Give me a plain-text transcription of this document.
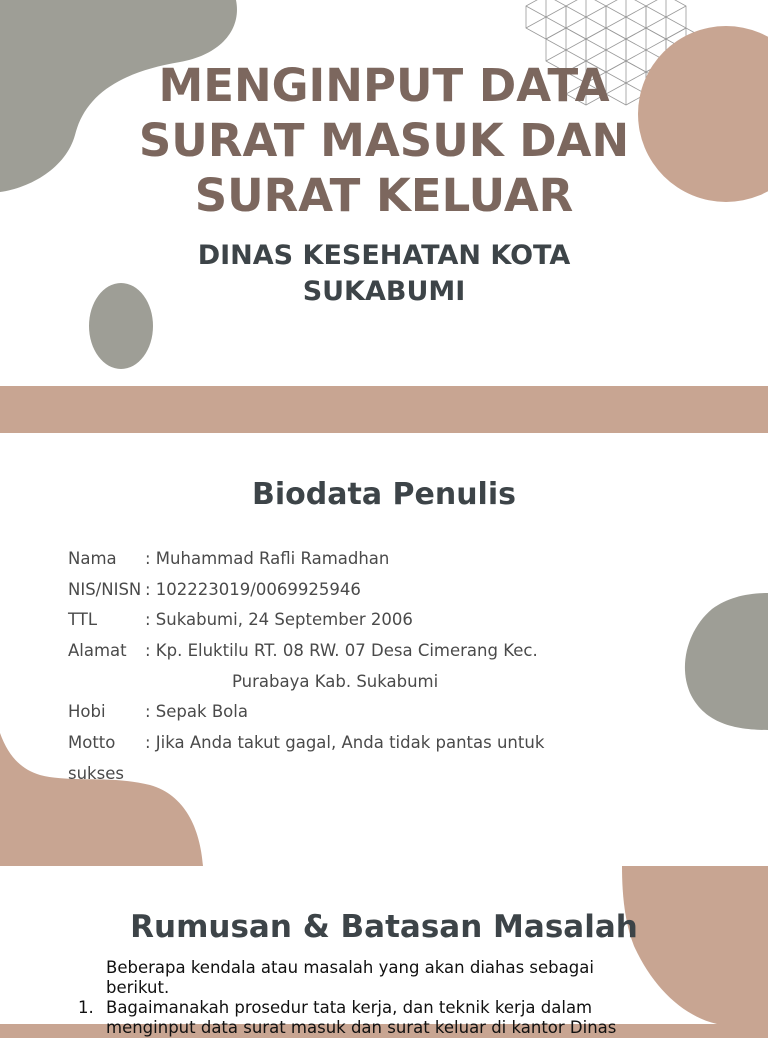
MENGINPUT DATA
SURAT MASUK DAN
SURAT KELUAR
DINAS KESEHATAN KOTA
SUKABUMI
Biodata Penulis
Nama	: Muhammad Rafli Ramadhan
NIS/NISN : 102223019/0069925946
TTL	: Sukabumi, 24 September 2006
Alamat	: Kp. Eluktilu RT. 08 RW. 07 Desa Cimerang Kec.
Purabaya Kab. Sukabumi
Hobi	: Sepak Bola
Motto	: Jika Anda takut gagal, Anda tidak pantas untuk
sukses
Rumusan & Batasan Masalah
Beberapa kendala atau masalah yang akan diahas sebagai
berikut.
1. Bagaimanakah prosedur tata kerja, dan teknik kerja dalam
menginput data surat masuk dan surat keluar di kantor Dinas
